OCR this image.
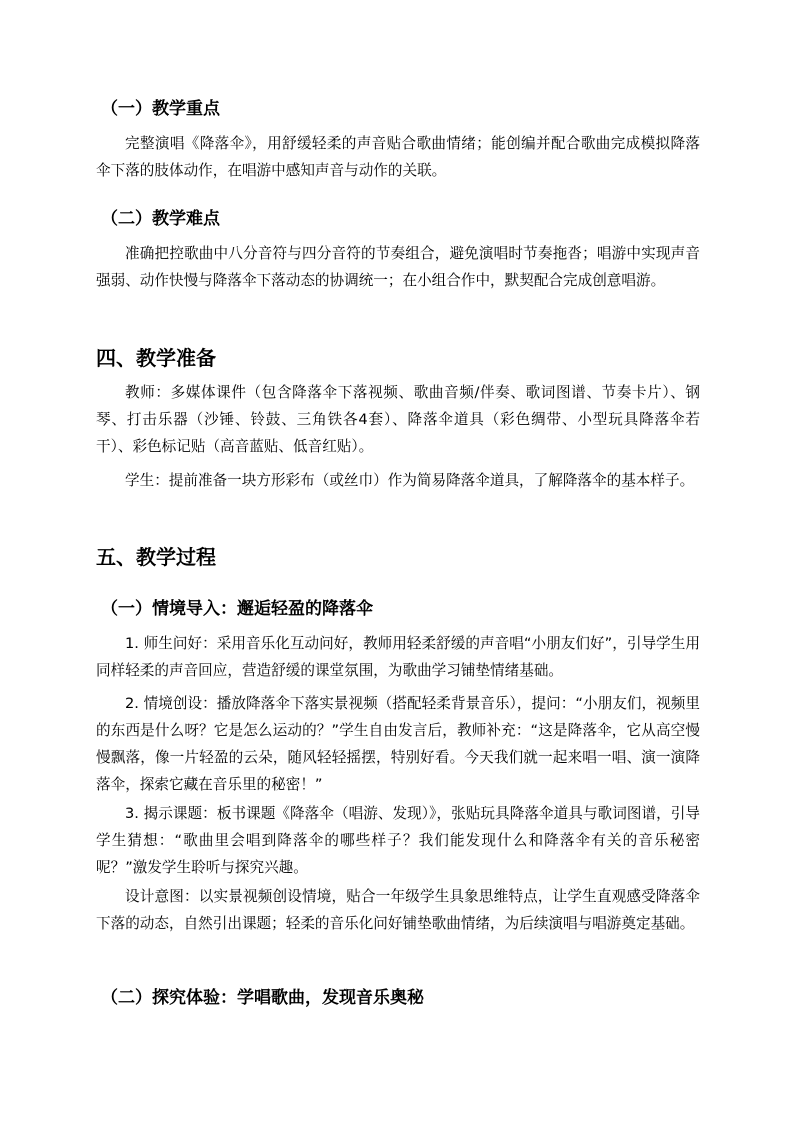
（一）教学重点

完整演唱《降落伞》，用舒缓轻柔的声音贴合歌曲情绪；能创编并配合歌曲完成模拟降落伞下落的肢体动作，在唱游中感知声音与动作的关联。

（二）教学难点

准确把控歌曲中八分音符与四分音符的节奏组合，避免演唱时节奏拖沓；唱游中实现声音强弱、动作快慢与降落伞下落动态的协调统一；在小组合作中，默契配合完成创意唱游。

四、教学准备

教师：多媒体课件（包含降落伞下落视频、歌曲音频/伴奏、歌词图谱、节奏卡片）、钢琴、打击乐器（沙锤、铃鼓、三角铁各4套）、降落伞道具（彩色绸带、小型玩具降落伞若干）、彩色标记贴（高音蓝贴、低音红贴）。

学生：提前准备一块方形彩布（或丝巾）作为简易降落伞道具，了解降落伞的基本样子。

五、教学过程
（一）情境导入：邂逅轻盈的降落伞

1. 师生问好：采用音乐化互动问好，教师用轻柔舒缓的声音唱“小朋友们好”，引导学生用同样轻柔的声音回应，营造舒缓的课堂氛围，为歌曲学习铺垫情绪基础。

2. 情境创设：播放降落伞下落实景视频（搭配轻柔背景音乐），提问：“小朋友们，视频里的东西是什么呀？它是怎么运动的？”学生自由发言后，教师补充：“这是降落伞，它从高空慢慢飘落，像一片轻盈的云朵，随风轻轻摇摆，特别好看。今天我们就一起来唱一唱、演一演降落伞，探索它藏在音乐里的秘密！”

3. 揭示课题：板书课题《降落伞（唱游、发现）》，张贴玩具降落伞道具与歌词图谱，引导学生猜想：“歌曲里会唱到降落伞的哪些样子？我们能发现什么和降落伞有关的音乐秘密呢？”激发学生聆听与探究兴趣。

设计意图：以实景视频创设情境，贴合一年级学生具象思维特点，让学生直观感受降落伞下落的动态，自然引出课题；轻柔的音乐化问好铺垫歌曲情绪，为后续演唱与唱游奠定基础。

（二）探究体验：学唱歌曲，发现音乐奥秘
